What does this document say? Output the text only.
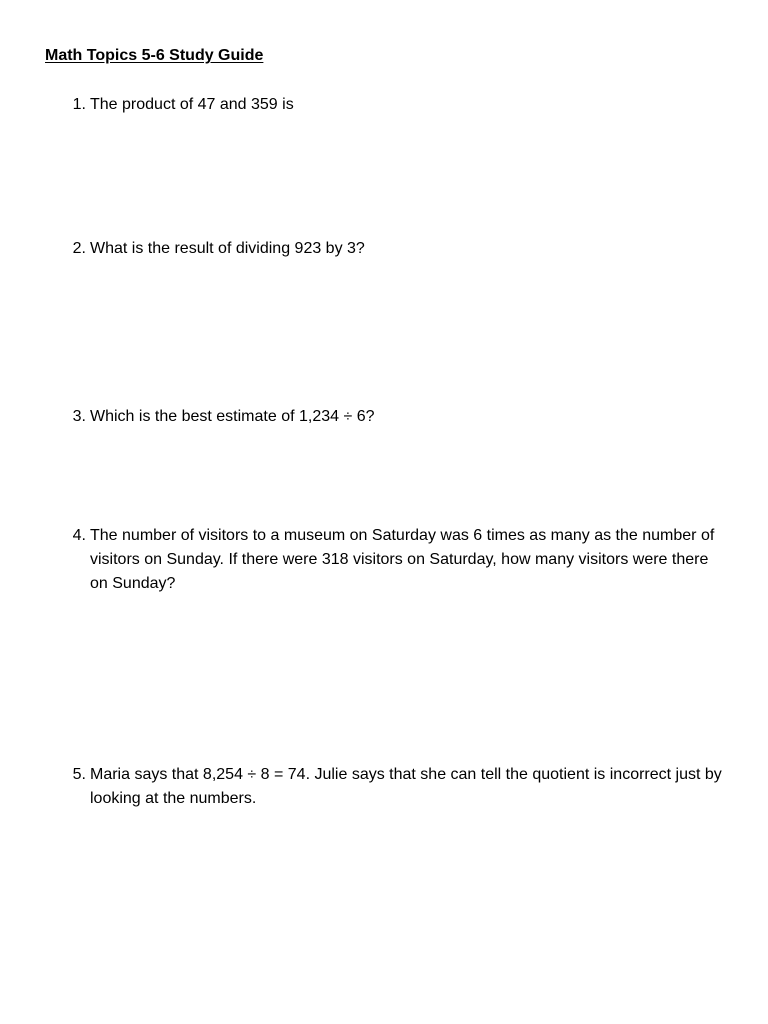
Math Topics 5-6 Study Guide
1. The product of 47 and 359 is
2. What is the result of dividing 923 by 3?
3. Which is the best estimate of 1,234 ÷ 6?
4. The number of visitors to a museum on Saturday was 6 times as many as the number of visitors on Sunday. If there were 318 visitors on Saturday, how many visitors were there on Sunday?
5. Maria says that 8,254 ÷ 8 = 74. Julie says that she can tell the quotient is incorrect just by looking at the numbers.
